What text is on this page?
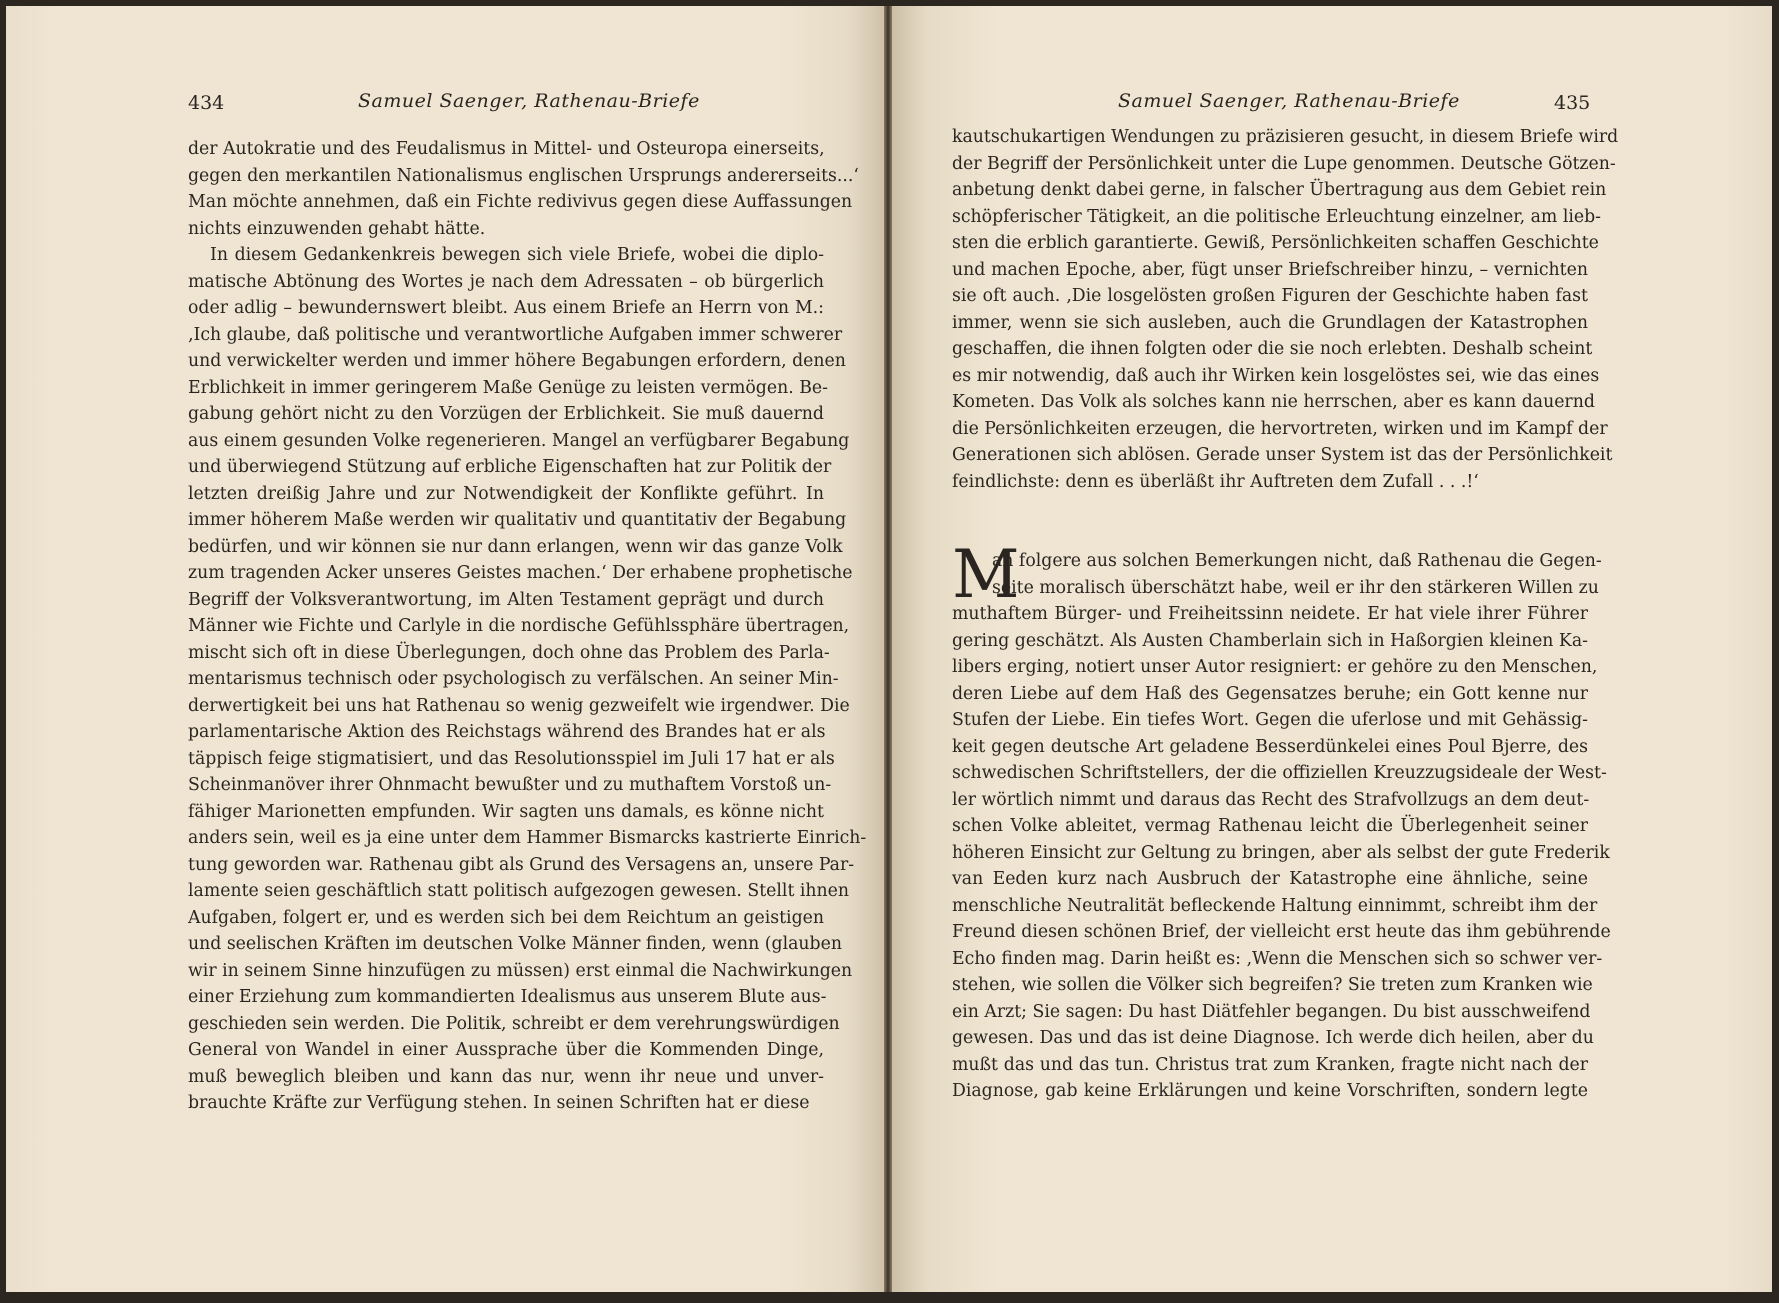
434	Samuel Saenger, Rathenau-Briefe
der Autokratie und des Feudalismus in Mittel- und Osteuropa einerseits,
gegen den merkantilen Nationalismus englischen Ursprungs andererseits...‘
Man möchte annehmen, daß ein Fichte redivivus gegen diese Auffassungen
nichts einzuwenden gehabt hätte.
In diesem Gedankenkreis bewegen sich viele Briefe, wobei die diplo-
matische Abtönung des Wortes je nach dem Adressaten – ob bürgerlich
oder adlig – bewundernswert bleibt. Aus einem Briefe an Herrn von M.:
‚Ich glaube, daß politische und verantwortliche Aufgaben immer schwerer
und verwickelter werden und immer höhere Begabungen erfordern, denen
Erblichkeit in immer geringerem Maße Genüge zu leisten vermögen. Be-
gabung gehört nicht zu den Vorzügen der Erblichkeit. Sie muß dauernd
aus einem gesunden Volke regenerieren. Mangel an verfügbarer Begabung
und überwiegend Stützung auf erbliche Eigenschaften hat zur Politik der
letzten dreißig Jahre und zur Notwendigkeit der Konflikte geführt. In
immer höherem Maße werden wir qualitativ und quantitativ der Begabung
bedürfen, und wir können sie nur dann erlangen, wenn wir das ganze Volk
zum tragenden Acker unseres Geistes machen.‘ Der erhabene prophetische
Begriff der Volksverantwortung, im Alten Testament geprägt und durch
Männer wie Fichte und Carlyle in die nordische Gefühlssphäre übertragen,
mischt sich oft in diese Überlegungen, doch ohne das Problem des Parla-
mentarismus technisch oder psychologisch zu verfälschen. An seiner Min-
derwertigkeit bei uns hat Rathenau so wenig gezweifelt wie irgendwer. Die
parlamentarische Aktion des Reichstags während des Brandes hat er als
täppisch feige stigmatisiert, und das Resolutionsspiel im Juli 17 hat er als
Scheinmanöver ihrer Ohnmacht bewußter und zu muthaftem Vorstoß un-
fähiger Marionetten empfunden. Wir sagten uns damals, es könne nicht
anders sein, weil es ja eine unter dem Hammer Bismarcks kastrierte Einrich-
tung geworden war. Rathenau gibt als Grund des Versagens an, unsere Par-
lamente seien geschäftlich statt politisch aufgezogen gewesen. Stellt ihnen
Aufgaben, folgert er, und es werden sich bei dem Reichtum an geistigen
und seelischen Kräften im deutschen Volke Männer finden, wenn (glauben
wir in seinem Sinne hinzufügen zu müssen) erst einmal die Nachwirkungen
einer Erziehung zum kommandierten Idealismus aus unserem Blute aus-
geschieden sein werden. Die Politik, schreibt er dem verehrungswürdigen
General von Wandel in einer Aussprache über die Kommenden Dinge,
muß beweglich bleiben und kann das nur, wenn ihr neue und unver-
brauchte Kräfte zur Verfügung stehen. In seinen Schriften hat er diese
Samuel Saenger, Rathenau-Briefe	435
kautschukartigen Wendungen zu präzisieren gesucht, in diesem Briefe wird
der Begriff der Persönlichkeit unter die Lupe genommen. Deutsche Götzen-
anbetung denkt dabei gerne, in falscher Übertragung aus dem Gebiet rein
schöpferischer Tätigkeit, an die politische Erleuchtung einzelner, am lieb-
sten die erblich garantierte. Gewiß, Persönlichkeiten schaffen Geschichte
und machen Epoche, aber, fügt unser Briefschreiber hinzu, – vernichten
sie oft auch. ‚Die losgelösten großen Figuren der Geschichte haben fast
immer, wenn sie sich ausleben, auch die Grundlagen der Katastrophen
geschaffen, die ihnen folgten oder die sie noch erlebten. Deshalb scheint
es mir notwendig, daß auch ihr Wirken kein losgelöstes sei, wie das eines
Kometen. Das Volk als solches kann nie herrschen, aber es kann dauernd
die Persönlichkeiten erzeugen, die hervortreten, wirken und im Kampf der
Generationen sich ablösen. Gerade unser System ist das der Persönlichkeit
feindlichste: denn es überläßt ihr Auftreten dem Zufall . . .!‘
M
an folgere aus solchen Bemerkungen nicht, daß Rathenau die Gegen-
seite moralisch überschätzt habe, weil er ihr den stärkeren Willen zu
muthaftem Bürger- und Freiheitssinn neidete. Er hat viele ihrer Führer
gering geschätzt. Als Austen Chamberlain sich in Haßorgien kleinen Ka-
libers erging, notiert unser Autor resigniert: er gehöre zu den Menschen,
deren Liebe auf dem Haß des Gegensatzes beruhe; ein Gott kenne nur
Stufen der Liebe. Ein tiefes Wort. Gegen die uferlose und mit Gehässig-
keit gegen deutsche Art geladene Besserdünkelei eines Poul Bjerre, des
schwedischen Schriftstellers, der die offiziellen Kreuzzugsideale der West-
ler wörtlich nimmt und daraus das Recht des Strafvollzugs an dem deut-
schen Volke ableitet, vermag Rathenau leicht die Überlegenheit seiner
höheren Einsicht zur Geltung zu bringen, aber als selbst der gute Frederik
van Eeden kurz nach Ausbruch der Katastrophe eine ähnliche, seine
menschliche Neutralität befleckende Haltung einnimmt, schreibt ihm der
Freund diesen schönen Brief, der vielleicht erst heute das ihm gebührende
Echo finden mag. Darin heißt es: ‚Wenn die Menschen sich so schwer ver-
stehen, wie sollen die Völker sich begreifen? Sie treten zum Kranken wie
ein Arzt; Sie sagen: Du hast Diätfehler begangen. Du bist ausschweifend
gewesen. Das und das ist deine Diagnose. Ich werde dich heilen, aber du
mußt das und das tun. Christus trat zum Kranken, fragte nicht nach der
Diagnose, gab keine Erklärungen und keine Vorschriften, sondern legte
